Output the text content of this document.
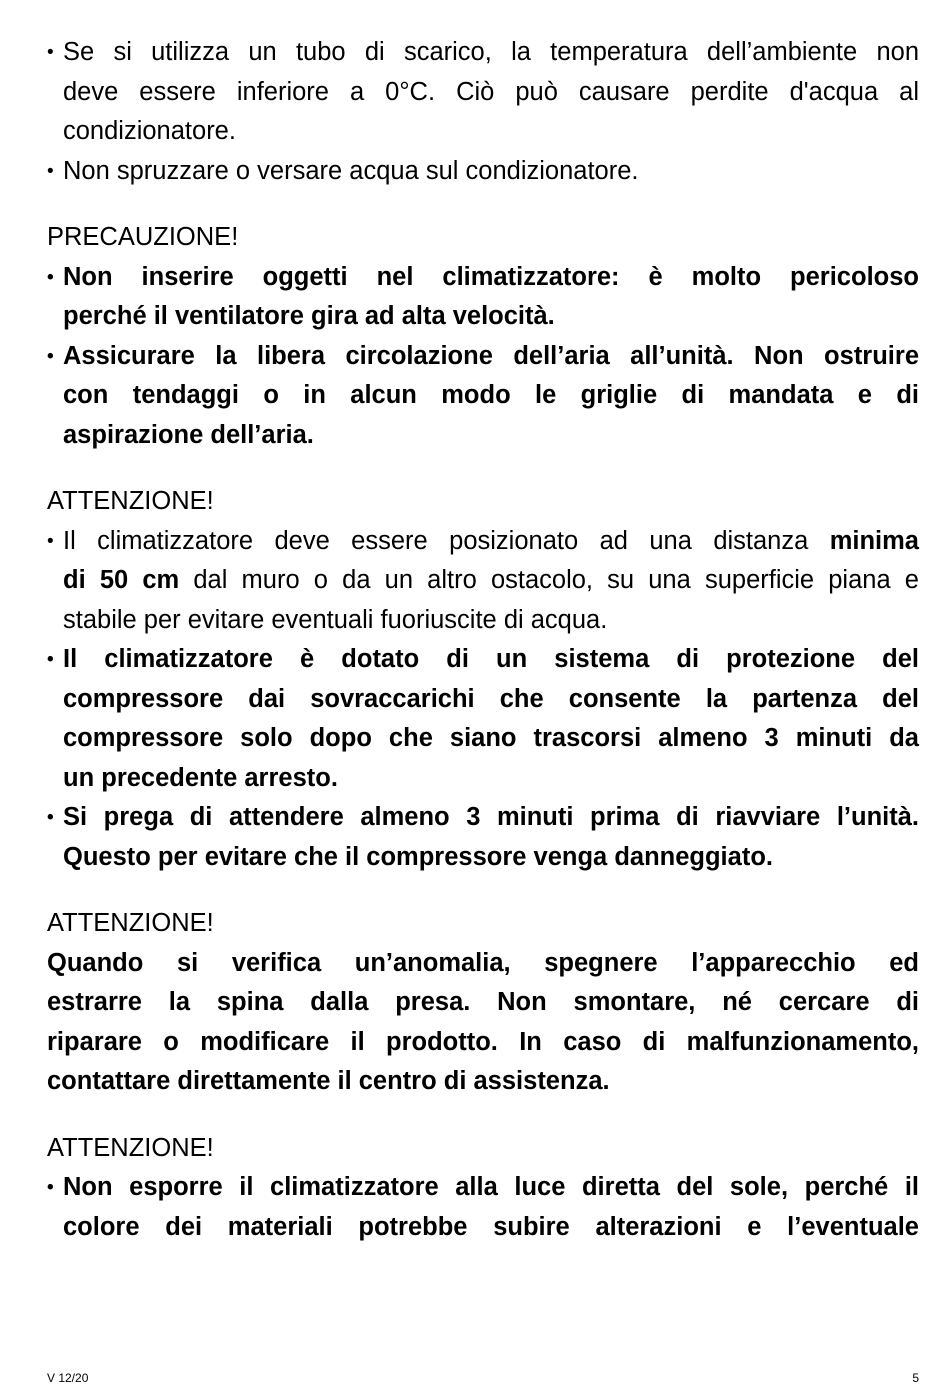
• Se si utilizza un tubo di scarico, la temperatura dell’ambiente non
deve essere inferiore a 0°C. Ciò può causare perdite d'acqua al
condizionatore.
• Non spruzzare o versare acqua sul condizionatore.
PRECAUZIONE!
• Non inserire oggetti nel climatizzatore: è molto pericoloso
perché il ventilatore gira ad alta velocità.
• Assicurare la libera circolazione dell’aria all’unità. Non ostruire
con tendaggi o in alcun modo le griglie di mandata e di
aspirazione dell’aria.
ATTENZIONE!
• Il climatizzatore deve essere posizionato ad una distanza minima
di 50 cm dal muro o da un altro ostacolo, su una superficie piana e
stabile per evitare eventuali fuoriuscite di acqua.
• Il climatizzatore è dotato di un sistema di protezione del
compressore dai sovraccarichi che consente la partenza del
compressore solo dopo che siano trascorsi almeno 3 minuti da
un precedente arresto.
• Si prega di attendere almeno 3 minuti prima di riavviare l’unità.
Questo per evitare che il compressore venga danneggiato.
ATTENZIONE!
Quando si verifica un’anomalia, spegnere l’apparecchio ed
estrarre la spina dalla presa. Non smontare, né cercare di
riparare o modificare il prodotto. In caso di malfunzionamento,
contattare direttamente il centro di assistenza.
ATTENZIONE!
• Non esporre il climatizzatore alla luce diretta del sole, perché il
colore dei materiali potrebbe subire alterazioni e l’eventuale
V 12/20	5
